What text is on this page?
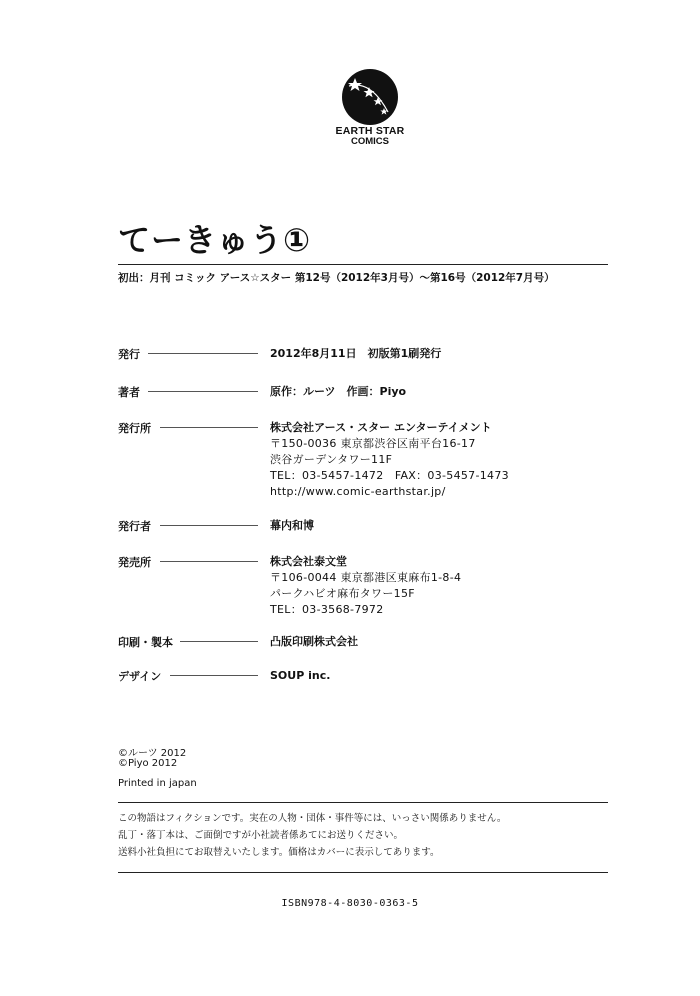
EARTH STAR
COMICS
てーきゅう①
初出：月刊 コミック アース☆スター 第12号（2012年3月号）～第16号（2012年7月号）
発行	2012年8月11日　初版第1刷発行
著者	原作：ルーツ　作画：Piyo
発行所	株式会社アース・スター エンターテイメント
〒150-0036 東京都渋谷区南平台16-17
渋谷ガーデンタワー11F
TEL：03-5457-1472　FAX：03-5457-1473
http://www.comic-earthstar.jp/
発行者	幕内和博
発売所	株式会社泰文堂
〒106-0044 東京都港区東麻布1-8-4
パークハビオ麻布タワー15F
TEL：03-3568-7972
印刷・製本	凸版印刷株式会社
デザイン	SOUP inc.
©ルーツ 2012
©Piyo 2012
Printed in japan
この物語はフィクションです。実在の人物・団体・事件等には、いっさい関係ありません。
乱丁・落丁本は、ご面倒ですが小社読者係あてにお送りください。
送料小社負担にてお取替えいたします。価格はカバーに表示してあります。
ISBN978-4-8030-0363-5
